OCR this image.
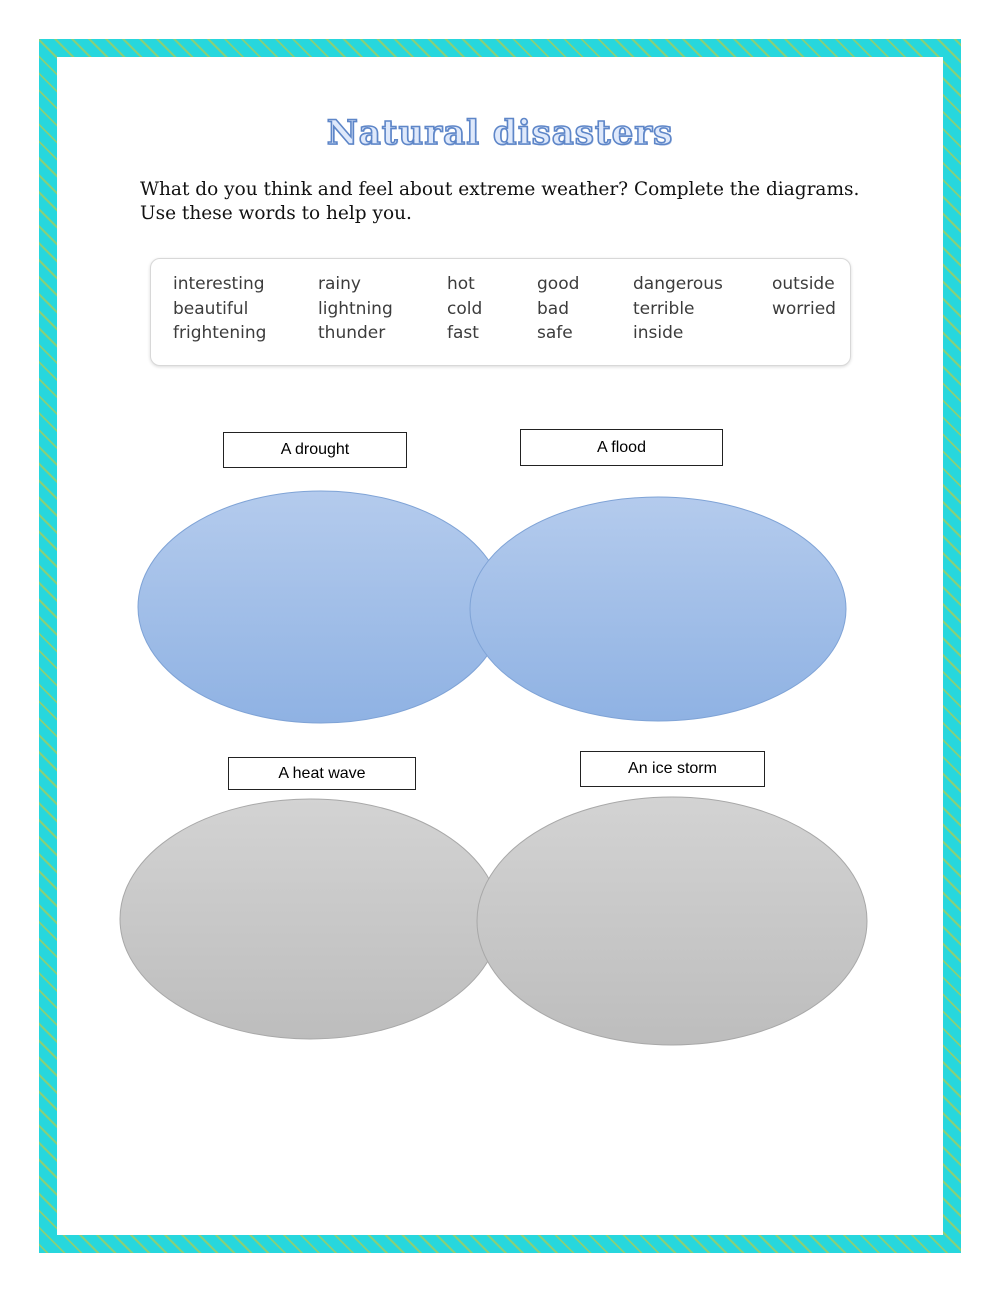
Natural disasters
What do you think and feel about extreme weather? Complete the diagrams.
Use these words to help you.
interesting
beautiful
frightening
rainy
lightning
thunder
hot
cold
fast
good
bad
safe
dangerous
terrible
inside
outside
worried
A drought	A flood
A heat wave	An ice storm
